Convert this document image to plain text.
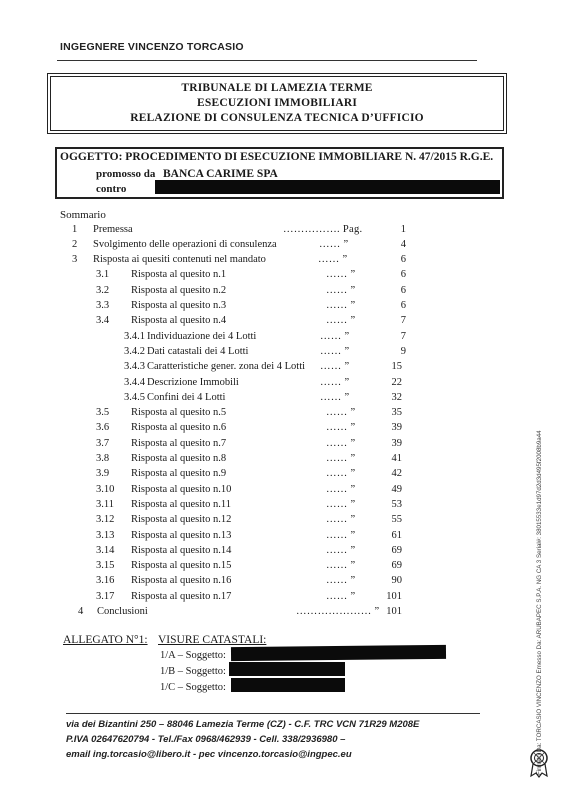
INGEGNERE VINCENZO TORCASIO
TRIBUNALE DI LAMEZIA TERME
ESECUZIONI IMMOBILIARI
RELAZIONE DI CONSULENZA TECNICA D’UFFICIO
OGGETTO: PROCEDIMENTO DI ESECUZIONE IMMOBILIARE N. 47/2015 R.G.E.
promosso da BANCA CARIME SPA
contro
Sommario
1 Premessa	……………. Pag.	1
2 Svolgimento delle operazioni di consulenza	…… ”	4
3 Risposta ai quesiti contenuti nel mandato	…… ”	6
3.1 Risposta al quesito n.1	…… ”	6
3.2 Risposta al quesito n.2	…… ”	6
3.3 Risposta al quesito n.3	…… ”	6
3.4 Risposta al quesito n.4	…… ”	7
3.4.1 Individuazione dei 4 Lotti	…… ”	7
3.4.2 Dati catastali dei 4 Lotti	…… ”	9
3.4.3 Caratteristiche gener. zona dei 4 Lotti …… ”	15
3.4.4 Descrizione Immobili	…… ”	22
3.4.5 Confini dei 4 Lotti	…… ”	32
3.5 Risposta al quesito n.5	…… ”	35
3.6 Risposta al quesito n.6	…… ”	39
3.7 Risposta al quesito n.7	…… ”	39
3.8 Risposta al quesito n.8	…… ”	41
3.9 Risposta al quesito n.9	…… ”	42
3.10 Risposta al quesito n.10	…… ”	49
3.11 Risposta al quesito n.11	…… ”	53
3.12 Risposta al quesito n.12	…… ”	55
3.13 Risposta al quesito n.13	…… ”	61
3.14 Risposta al quesito n.14	…… ”	69
3.15 Risposta al quesito n.15	…… ”	69
3.16 Risposta al quesito n.16	…… ”	90
3.17 Risposta al quesito n.17	…… ”	101
4 Conclusioni	………………… ” 101
ALLEGATO N°1: VISURE CATASTALI:
1/A – Soggetto:
1/B – Soggetto:
1/C – Soggetto:
via dei Bizantini 250 – 88046 Lamezia Terme (CZ) - C.F. TRC VCN 71R29 M208E
P.IVA 02647620794 - Tel./Fax 0968/462939 - Cell. 338/2936980 –
email ing.torcasio@libero.it - pec vincenzo.torcasio@ingpec.eu	Firmato Da: TORCASIO VINCENZO Emesso Da: ARUBAPEC S.P.A. NG CA 3 Serial#: 38015533e1d97d2d3d495f2008b9a44
